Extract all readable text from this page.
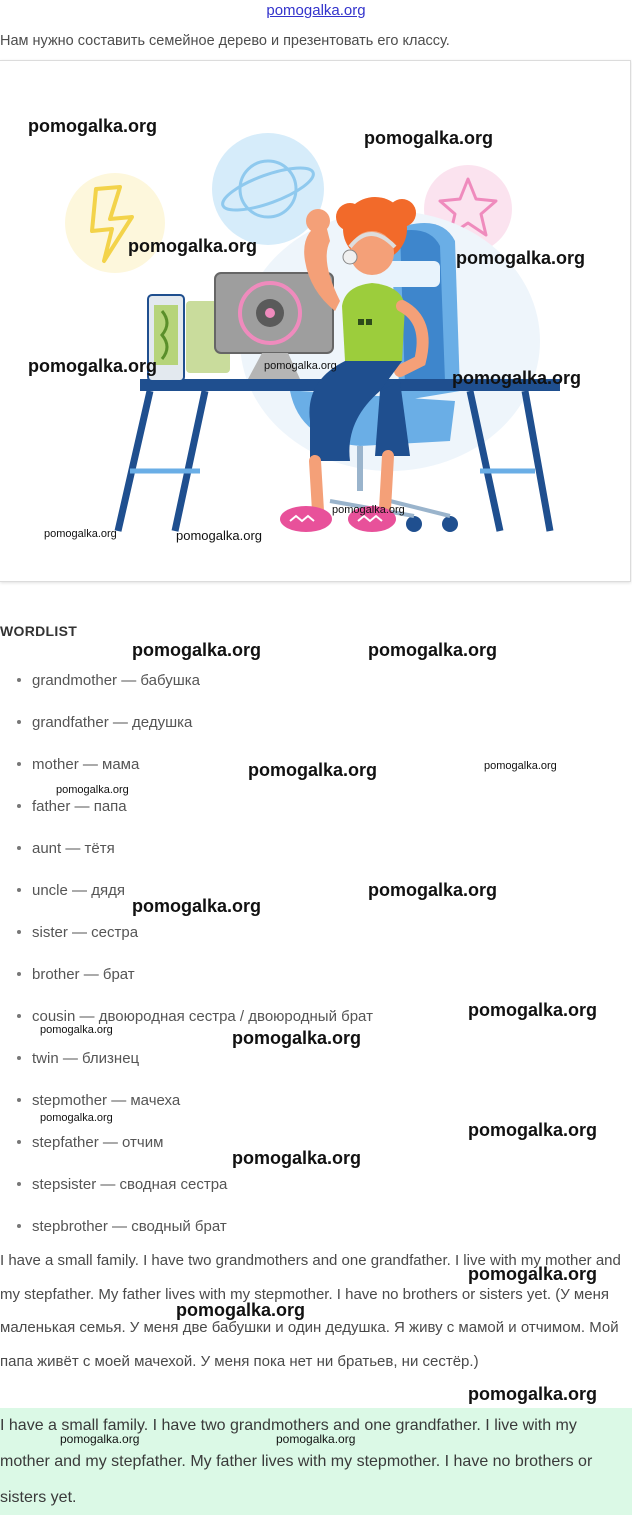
pomogalka.org
Нам нужно составить семейное дерево и презентовать его классу.
WORDLIST
grandmother — бабушка
grandfather — дедушка
mother — мама
father — папа
aunt — тётя
uncle — дядя
sister — сестра
brother — брат
cousin — двоюродная сестра / двоюродный брат
twin — близнец
stepmother — мачеха
stepfather — отчим
stepsister — сводная сестра
stepbrother — сводный брат

I have a small family. I have two grandmothers and one grandfather. I live with my mother and my stepfather. My father lives with my stepmother. I have no brothers or sisters yet. (У меня маленькая семья. У меня две бабушки и один дедушка. Я живу с мамой и отчимом. Мой папа живёт с моей мачехой. У меня пока нет ни братьев, ни сестёр.)

I have a small family. I have two grandmothers and one grandfather. I live with my mother and my stepfather. My father lives with my stepmother. I have no brothers or sisters yet.

pomogalka.org
pomogalka.org
pomogalka.org
pomogalka.org
pomogalka.org	pomogalka.org
pomogalka.org
pomogalka.org
pomogalka.org	pomogalka.org
pomogalka.org	pomogalka.org
pomogalka.org	pomogalka.org
pomogalka.org
pomogalka.org
pomogalka.org
pomogalka.org
pomogalka.org	pomogalka.org
pomogalka.org
pomogalka.org
pomogalka.org
pomogalka.org
pomogalka.org
pomogalka.org
pomogalka.org	pomogalka.org
